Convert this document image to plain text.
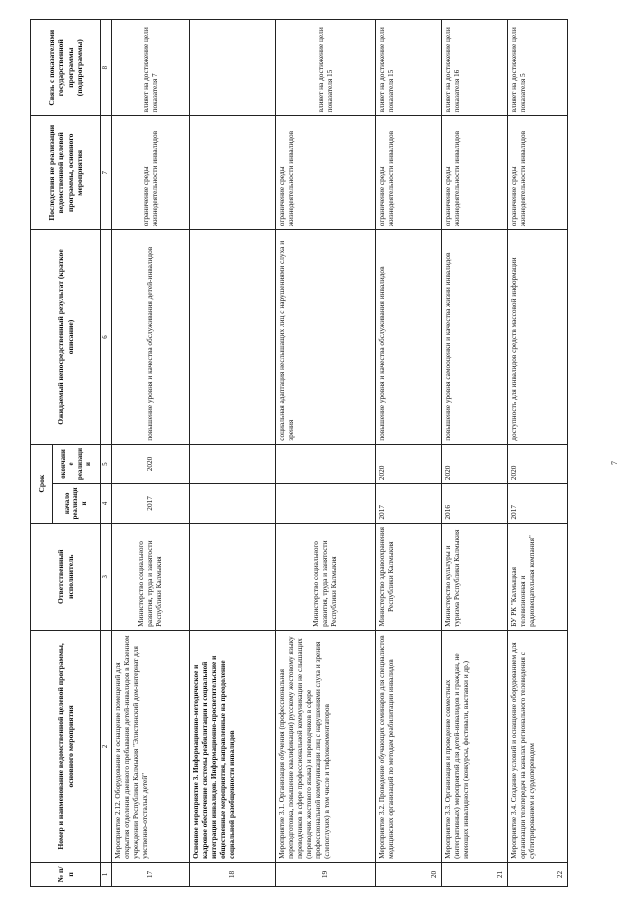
№ п/п	Номер и наименование ведомственной целевой программы, основного мероприятия	Ответственный исполнитель	Срок		Ожидаемый непосредственный результат (краткое описание)	Последствия не реализации ведомственной целевой программы, основного мероприятия	Связь с показателями государственной программы (подпрограммы)
			начало реализации	окончание реализации			
1	2	3	4	5	6	7	8
17	Мероприятие 2.12. Оборудование и оснащение помещений для открытия отделения дневного пребывания детей-инвалидов в Казенном учреждении Республики Калмыкия "Элистинский дом-интернат для умственно-отсталых детей"	Министерство социального развития, труда и занятости Республики Калмыкия	2017	2020	повышение уровня и качества обслуживания детей-инвалидов	ограничение среды жизнедеятельности инвалидов	влияет на достижение цели показателя 7
18	Основное мероприятие 3. Информационно-методическое и кадровое обеспечение системы реабилитации и социальной интеграции инвалидов. Информационно-просветительские и общественные мероприятия, направленные на преодоление социальной разобщенности инвалидов						
19	Мероприятие 3.1. Организация обучения (профессиональная переподготовка, повышение квалификации) русскому жестовому языку переводчиков в сфере профессиональной коммуникации не слышащих (переводчик жестового языка) и переводчиков в сфере профессиональной коммуникации лиц с нарушениями слуха и зрения (слепоглухих) в том числе и тифлокомментаторов	Министерство социального развития, труда и занятости Республики Калмыкия			социальная адаптация неслышащих лиц с нарушениями слуха и зрения	ограничение среды жизнедеятельности инвалидов	влияет на достижение цели показателя 15
20	Мероприятие 3.2. Проведение обучающих семинаров для специалистов медицинских организаций по методам реабилитации инвалидов	Министерство здравоохранения Республики Калмыкия	2017	2020	повышение уровня и качества обслуживания инвалидов	ограничение среды жизнедеятельности инвалидов	влияет на достижение цели показателя 15
21	Мероприятие 3.3. Организация и проведение совместных (интегративных) мероприятий для детей-инвалидов и граждан, не имеющих инвалидности (конкурсы, фестивали, выставки и др.)	Министерство культуры и туризма Республики Калмыкия	2016	2020	повышение уровня самооценки и качества жизни инвалидов	ограничение среды жизнедеятельности инвалидов	влияет на достижение цели показателя 16
22	Мероприятие 3.4. Создание условий и оснащение оборудованием для организации телепередач на каналах регионального телевидения с субтитрированием и сурдопереводом	БУ РК "Калмыцкая телевизионная и радиовещательная компания"	2017	2020	доступность для инвалидов средств массовой информации	ограничение среды жизнедеятельности инвалидов	влияет на достижение цели показателя 5
7
